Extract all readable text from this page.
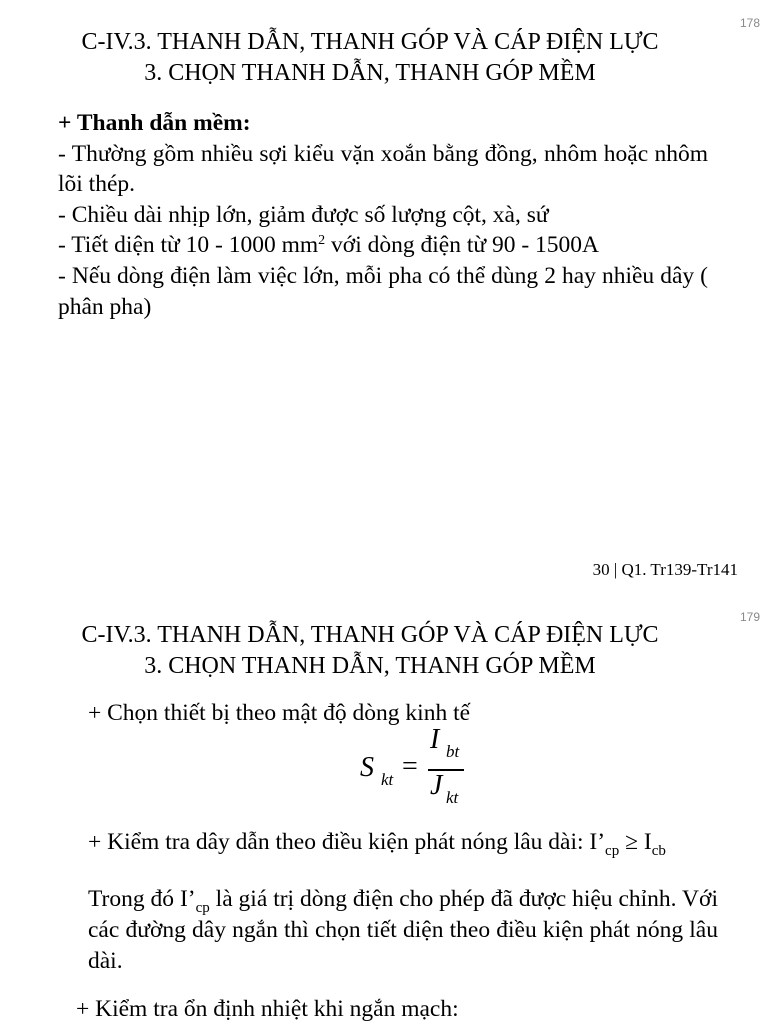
178
C-IV.3. THANH DẪN, THANH GÓP VÀ CÁP ĐIỆN LỰC
3. CHỌN THANH DẪN, THANH GÓP MỀM

+ Thanh dẫn mềm:

- Thường gồm nhiều sợi kiểu vặn xoắn bằng đồng, nhôm hoặc nhôm lõi thép.

- Chiều dài nhịp lớn, giảm được số lượng cột, xà, sứ

- Tiết diện từ 10 - 1000 $mm^2$ với dòng điện từ 90 - 1500A

- Nếu dòng điện làm việc lớn, mỗi pha có thể dùng 2 hay nhiều dây ( phân pha)

30 | Q1. Tr139-Tr141
179
C-IV.3. THANH DẪN, THANH GÓP VÀ CÁP ĐIỆN LỰC
3. CHỌN THANH DẪN, THANH GÓP MỀM
+ Chọn thiết bị theo mật độ dòng kinh tế
S kt =
I bt
J kt
+ Kiểm tra dây dẫn theo điều kiện phát nóng lâu dài: $I’_{cp} \ge I_{cb}$
Trong đó $I’_{cp}$ là giá trị dòng điện cho phép đã được hiệu chỉnh. Với các đường dây ngắn thì chọn tiết diện theo điều kiện phát nóng lâu dài.
+ Kiểm tra ổn định nhiệt khi ngắn mạch:
